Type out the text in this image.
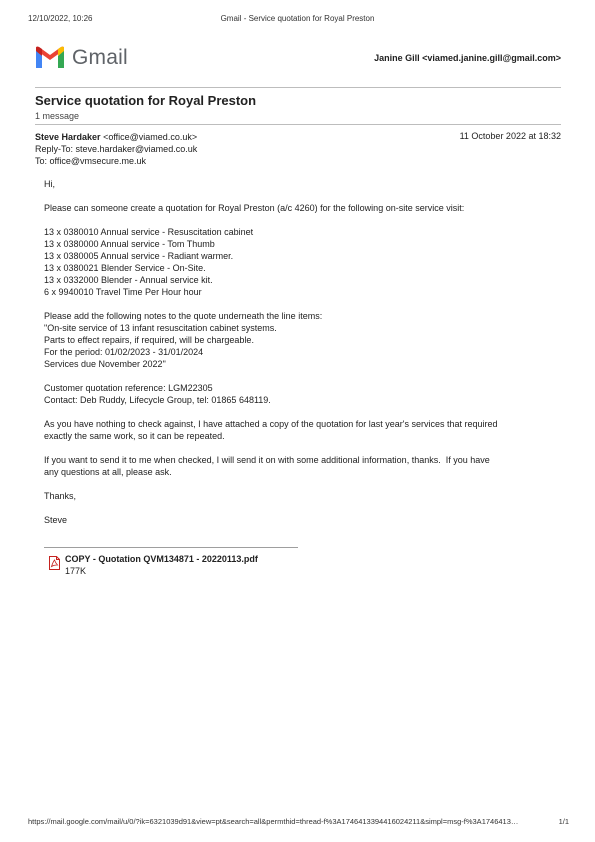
12/10/2022, 10:26	Gmail - Service quotation for Royal Preston
Gmail	Janine Gill <viamed.janine.gill@gmail.com>
Service quotation for Royal Preston
1 message
Steve Hardaker <office@viamed.co.uk>	11 October 2022 at 18:32
Reply-To: steve.hardaker@viamed.co.uk
To: office@vmsecure.me.uk
Hi,
Please can someone create a quotation for Royal Preston (a/c 4260) for the following on-site service visit:
13 x 0380010 Annual service - Resuscitation cabinet
13 x 0380000 Annual service - Tom Thumb
13 x 0380005 Annual service - Radiant warmer.
13 x 0380021 Blender Service - On-Site.
13 x 0332000 Blender - Annual service kit.
6 x 9940010 Travel Time Per Hour hour
Please add the following notes to the quote underneath the line items:
"On-site service of 13 infant resuscitation cabinet systems.
Parts to effect repairs, if required, will be chargeable.
For the period: 01/02/2023 - 31/01/2024
Services due November 2022"
Customer quotation reference: LGM22305
Contact: Deb Ruddy, Lifecycle Group, tel: 01865 648119.
As you have nothing to check against, I have attached a copy of the quotation for last year's services that required
exactly the same work, so it can be repeated.
If you want to send it to me when checked, I will send it on with some additional information, thanks.  If you have
any questions at all, please ask.
Thanks,
Steve
COPY - Quotation QVM134871 - 20220113.pdf
177K
https://mail.google.com/mail/u/0/?ik=6321039d91&view=pt&search=all&permthid=thread-f%3A1746413394416024211&simpl=msg-f%3A1746413…	1/1
